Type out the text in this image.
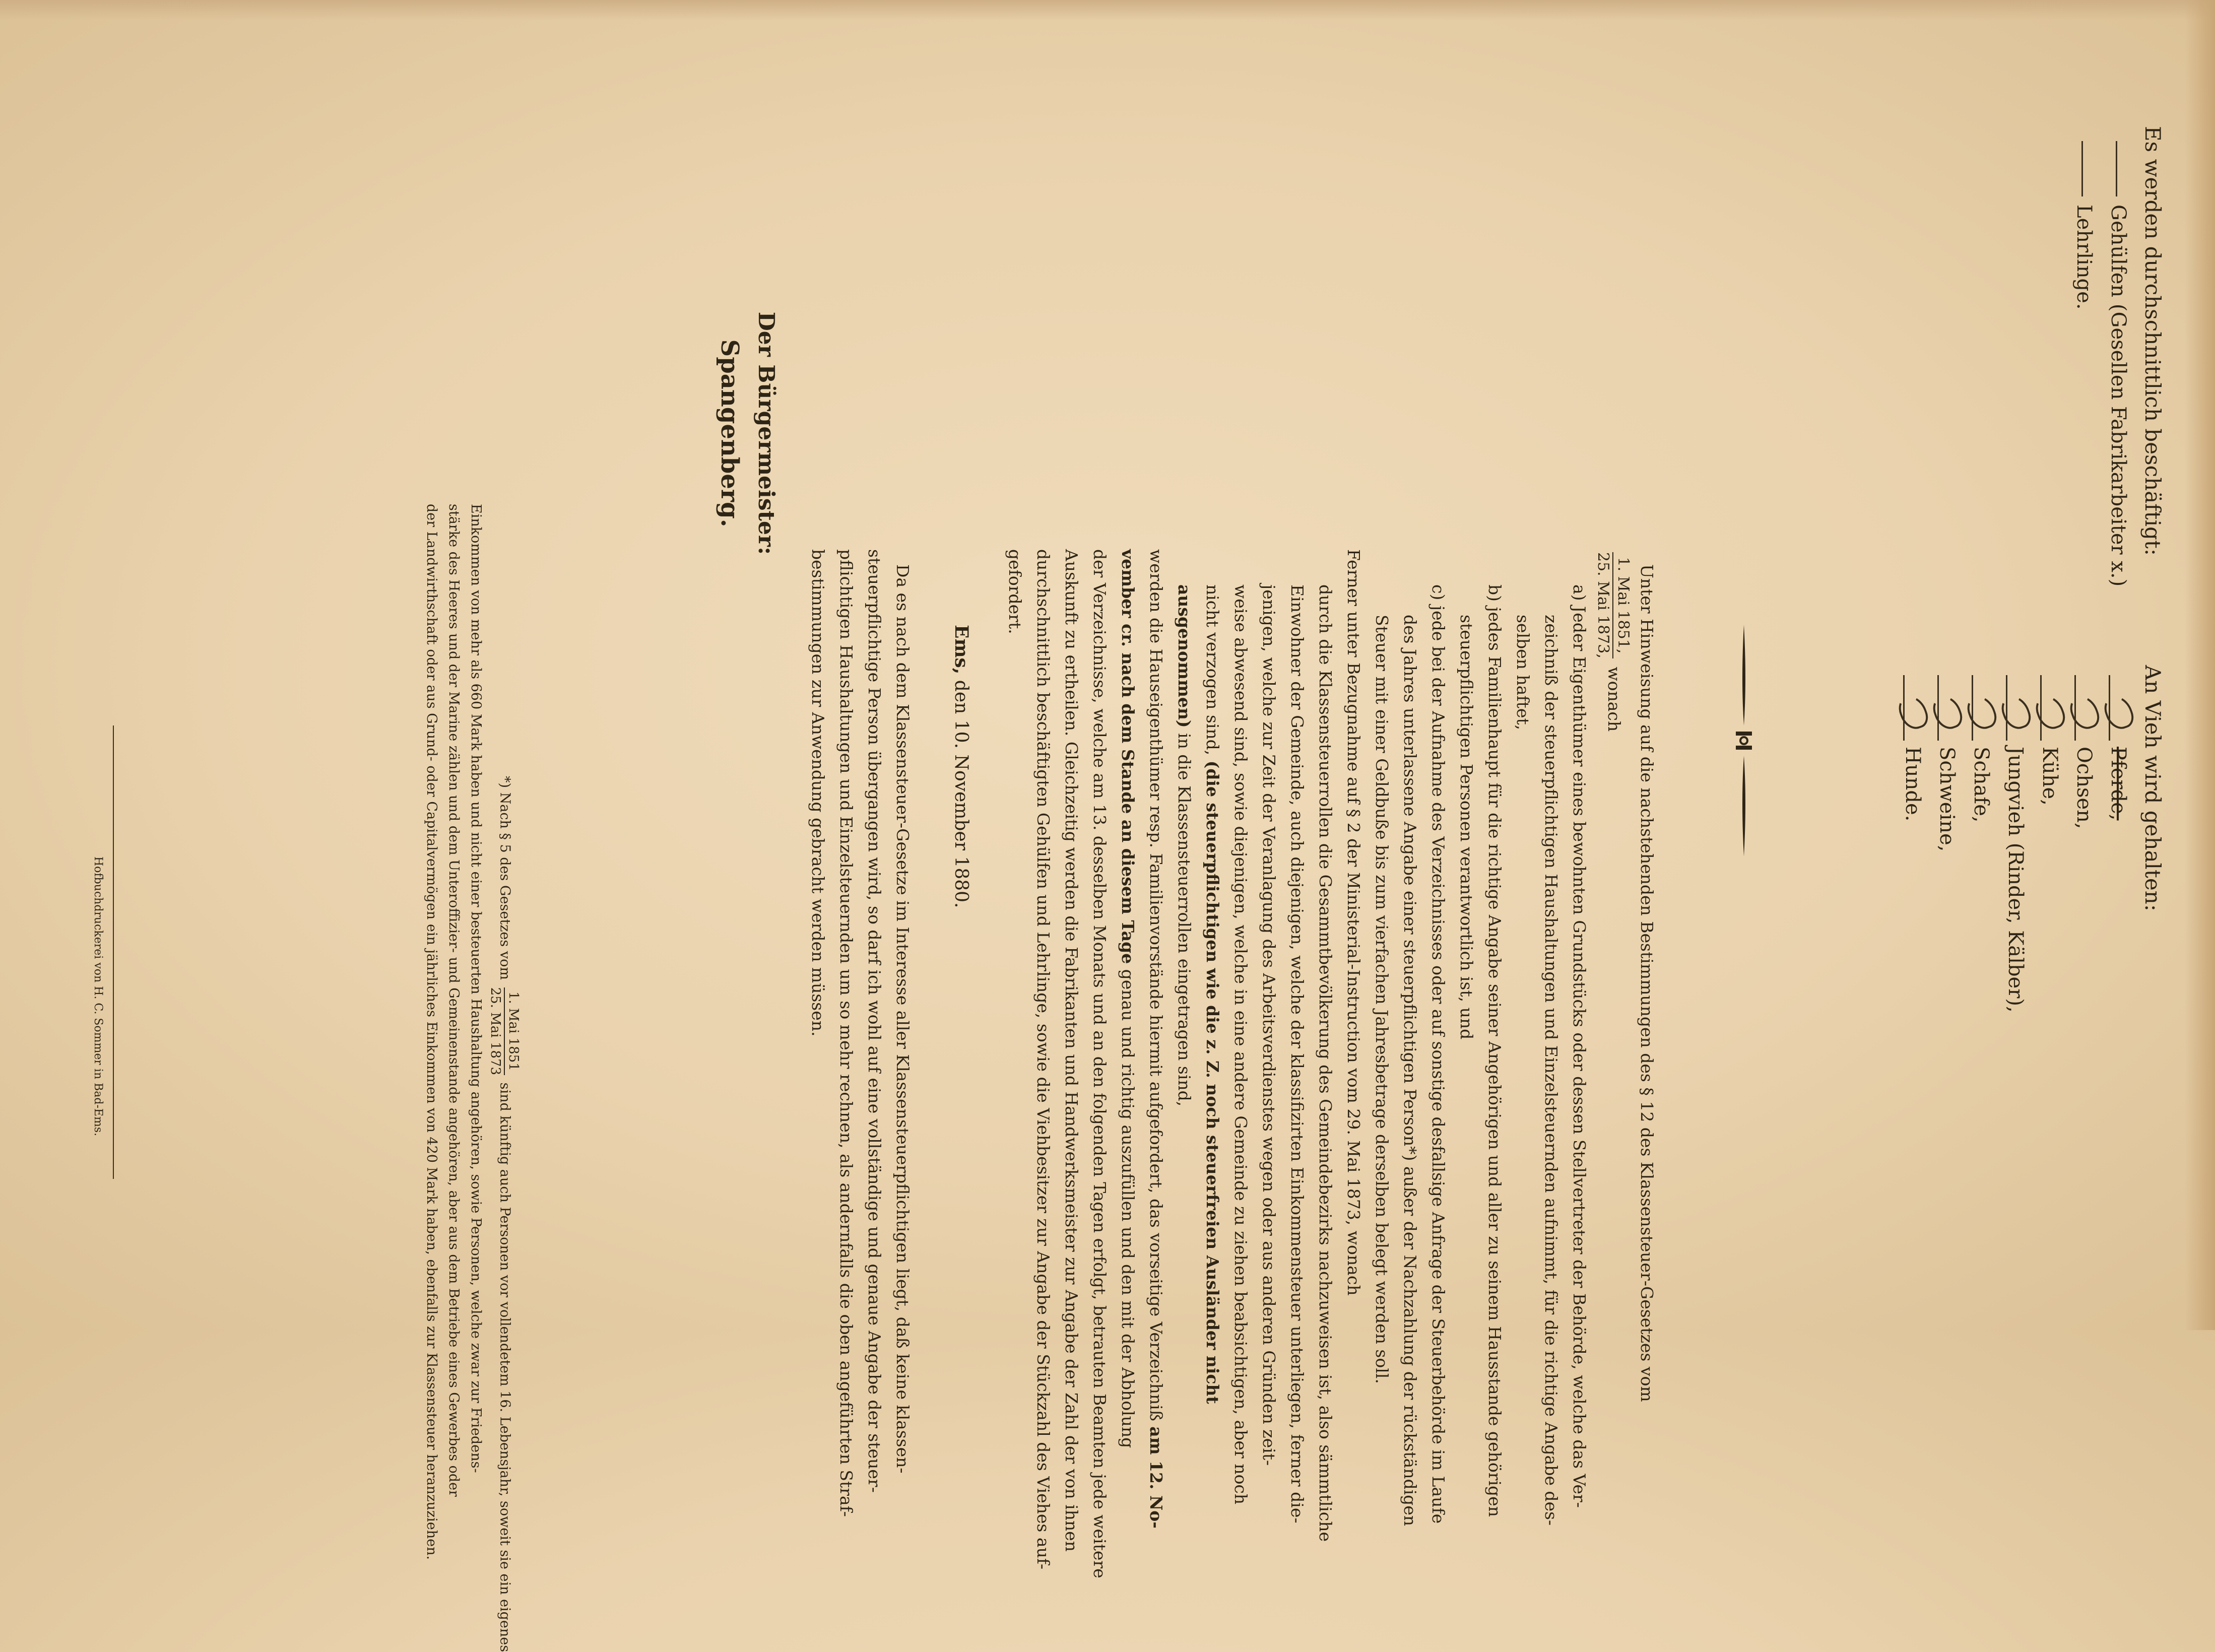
Es werden durchschnittlich beschäftigt:
Gehülfen (Gesellen Fabrikarbeiter x.)
Lehrlinge.
An Vieh wird gehalten:
Pferde,
Ochsen,
Kühe,
Jungvieh (Rinder, Kälber),
Schafe,
Schweine,
Hunde.

Unter Hinweisung auf die nachstehenden Bestimmungen des § 12 des Klassensteuer-Gesetzes vom

1. Mai 1851,
25. Mai 1873,
wonach

a) Jeder Eigenthümer eines bewohnten Grundstücks oder dessen Stellvertreter der Behörde, welche das Ver-

zeichniß der steuerpflichtigen Haushaltungen und Einzelsteuernden aufnimmt, für die richtige Angabe des-

selben haftet,

b) jedes Familienhaupt für die richtige Angabe seiner Angehörigen und aller zu seinem Hausstande gehörigen

steuerpflichtigen Personen verantwortlich ist, und

c) jede bei der Aufnahme des Verzeichnisses oder auf sonstige desfallsige Anfrage der Steuerbehörde im Laufe

des Jahres unterlassene Angabe einer steuerpflichtigen Person*) außer der Nachzahlung der rückständigen

Steuer mit einer Geldbuße bis zum vierfachen Jahresbetrage derselben belegt werden soll.

Ferner unter Bezugnahme auf § 2 der Ministerial-Instruction vom 29. Mai 1873, wonach

durch die Klassensteuerrollen die Gesammtbevölkerung des Gemeindebezirks nachzuweisen ist, also sämmtliche

Einwohner der Gemeinde, auch diejenigen, welche der klassifizirten Einkommensteuer unterliegen, ferner die-

jenigen, welche zur Zeit der Veranlagung des Arbeitsverdienstes wegen oder aus anderen Gründen zeit-

weise abwesend sind, sowie diejenigen, welche in eine andere Gemeinde zu ziehen beabsichtigen, aber noch

nicht verzogen sind, (die steuerpflichtigen wie die z. Z. noch steuerfreien Ausländer nicht

ausgenommen) in die Klassensteuerrollen eingetragen sind,

werden die Hauseigenthümer resp. Familienvorstände hiermit aufgefordert, das vorseitige Verzeichniß am 12. No-

vember cr. nach dem Stande an diesem Tage genau und richtig auszufüllen und den mit der Abholung

der Verzeichnisse, welche am 13. desselben Monats und an den folgenden Tagen erfolgt, betrauten Beamten jede weitere

Auskunft zu ertheilen. Gleichzeitig werden die Fabrikanten und Handwerksmeister zur Angabe der Zahl der von ihnen

durchschnittlich beschäftigten Gehülfen und Lehrlinge, sowie die Viehbesitzer zur Angabe der Stückzahl des Viehes auf-

gefordert.

Ems, den 10. November 1880.

Da es nach dem Klassensteuer-Gesetze im Interesse aller Klassensteuerpflichtigen liegt, daß keine klassen-

steuerpflichtige Person übergangen wird, so darf ich wohl auf eine vollständige und genaue Angabe der steuer-

pflichtigen Haushaltungen und Einzelsteuernden um so mehr rechnen, als andernfalls die oben angeführten Straf-

bestimmungen zur Anwendung gebracht werden müssen.

Der Bürgermeister:
Spangenberg.

*) Nach § 5 des Gesetzes vom
1. Mai 1851
25. Mai 1873
sind künftig auch Personen vor vollendetem 16. Lebensjahr, soweit sie ein eigenes

Einkommen von mehr als 660 Mark haben und nicht einer besteuerten Haushaltung angehören, sowie Personen, welche zwar zur Friedens-

stärke des Heeres und der Marine zählen und dem Unteroffizier- und Gemeinenstande angehören, aber aus dem Betriebe eines Gewerbes oder

der Landwirthschaft oder aus Grund- oder Capitalvermögen ein jährliches Einkommen von 420 Mark haben, ebenfalls zur Klassensteuer heranzuziehen.

Hofbuchdruckerei von H. C. Sommer in Bad-Ems.
